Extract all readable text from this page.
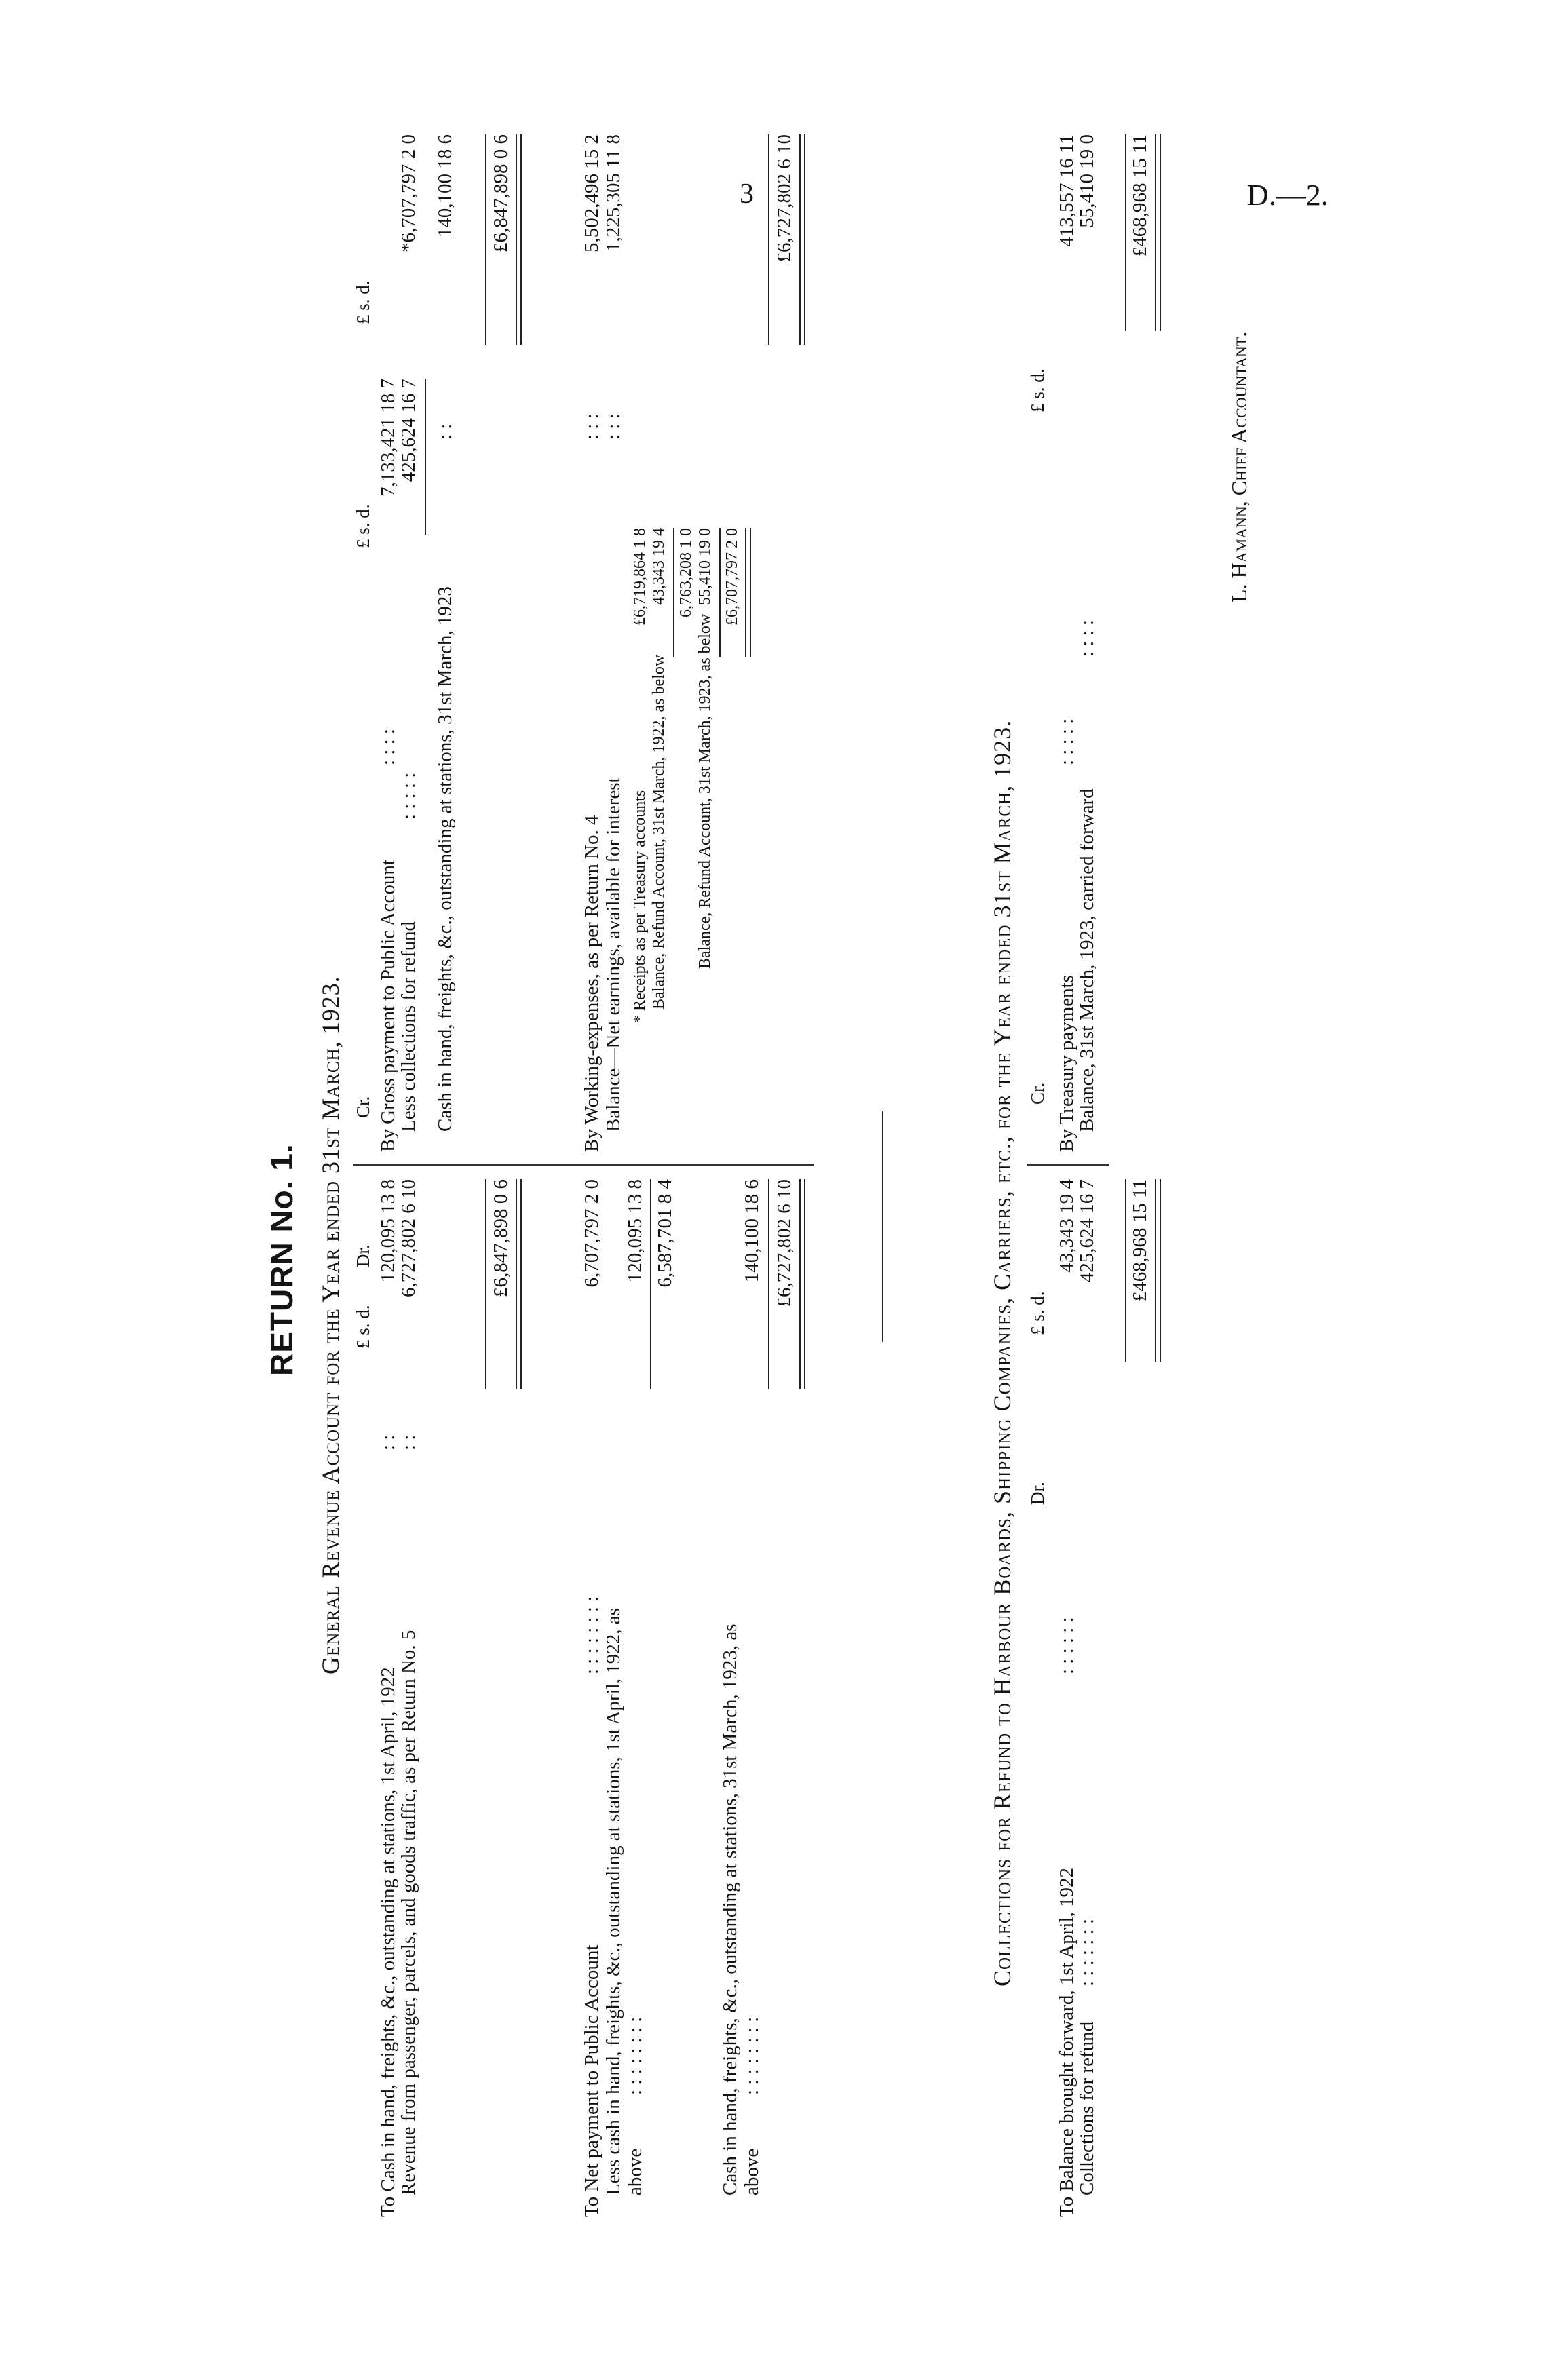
3	D.—2.
RETURN No. 1. General Revenue Account for the Year ended 31st March, 1923. Dr.
£ s. d.
To Cash in hand, freights, &c., outstanding at stations, 1st April, 1922
: :
120,095 13 8
Revenue from passenger, parcels, and goods traffic, as per Return No. 5
: :
6,727,802 6 10	£6,847,898 0 6
To Net payment to Public Account
: : : : : : : :
6,707,797 2 0
Less cash in hand, freights, &c., outstanding at stations, 1st April, 1922, as above
: : : : : : : :
120,095 13 8 6,587,701 8 4
Cash in hand, freights, &c., outstanding at stations, 31st March, 1923, as above
: : : : : : : :
140,100 18 6 £6,727,802 6 10
Cr.
£ s. d.
£ s. d.
By Gross payment to Public Account
: : : :
7,133,421 18 7
Less collections for refund
: : : : :
425,624 16 7
*6,707,797 2 0
Cash in hand, freights, &c., outstanding at stations, 31st March, 1923
: :
140,100 18 6 £6,847,898 0 6
By Working-expenses, as per Return No. 4
: : :
5,502,496 15 2
Balance—Net earnings, available for interest
: : :
1,225,305 11 8
* Receipts as per Treasury accounts
£6,719,864 1 8
Balance, Refund Account, 31st March, 1922, as below
43,343 19 4 6,763,208 1 0
Balance, Refund Account, 31st March, 1923, as below
55,410 19 0 £6,707,797 2 0
£6,727,802 6 10
Collections for Refund to Harbour Boards, Shipping Companies, Carriers, etc., for the Year ended 31st March, 1923. Dr.
£ s. d.
To Balance brought forward, 1st April, 1922
: : : : : :
43,343 19 4
Collections for refund
: : : : : : :
425,624 16 7 £468,968 15 11
Cr.
£ s. d.
By Treasury payments
: : : : :
413,557 16 11
Balance, 31st March, 1923, carried forward
: : : :
55,410 19 0 £468,968 15 11
L. Hamann, Chief Accountant.
